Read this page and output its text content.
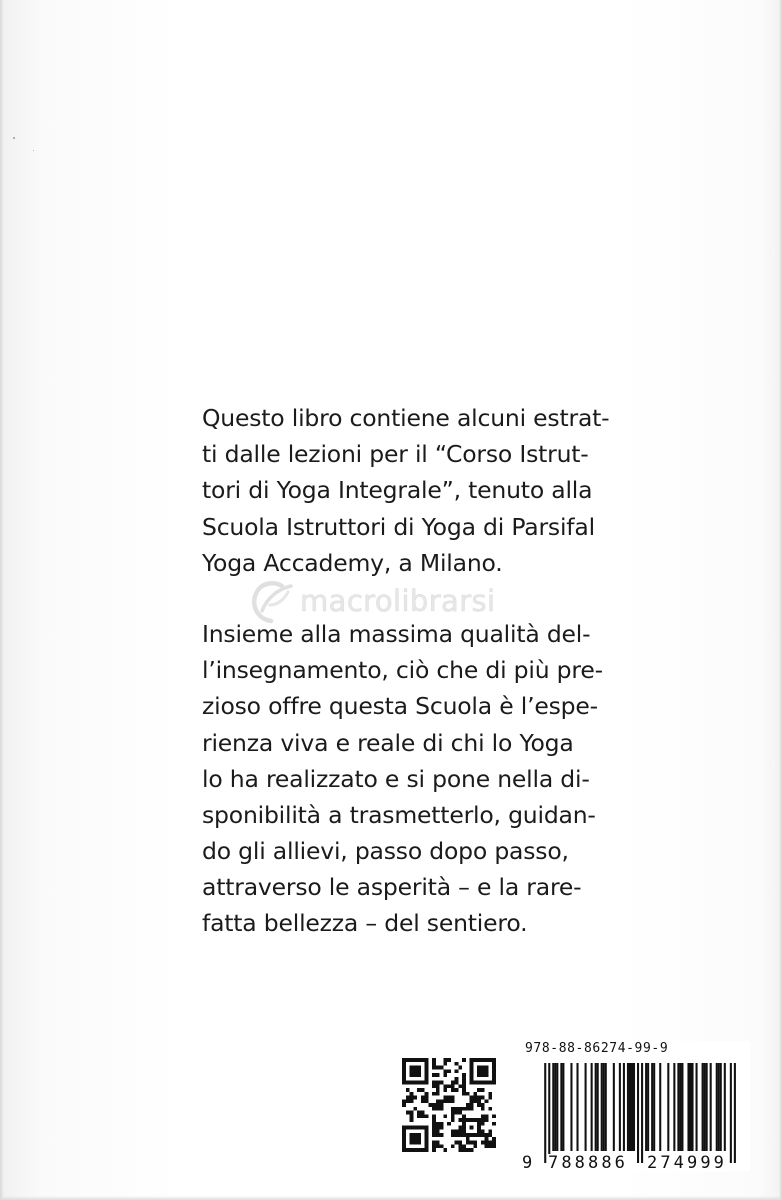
Questo libro contiene alcuni estrat-
ti dalle lezioni per il “Corso Istrut-
tori di Yoga Integrale”, tenuto alla
Scuola Istruttori di Yoga di Parsifal
Yoga Accademy, a Milano.
Insieme alla massima qualità del-
l’insegnamento, ciò che di più pre-
zioso offre questa Scuola è l’espe-
rienza viva e reale di chi lo Yoga
lo ha realizzato e si pone nella di-
sponibilità a trasmetterlo, guidan-
do gli allievi, passo dopo passo,
attraverso le asperità – e la rare-
fatta bellezza – del sentiero.
macrolibrarsi
978-88-86274-99-9
9 788886 274999
